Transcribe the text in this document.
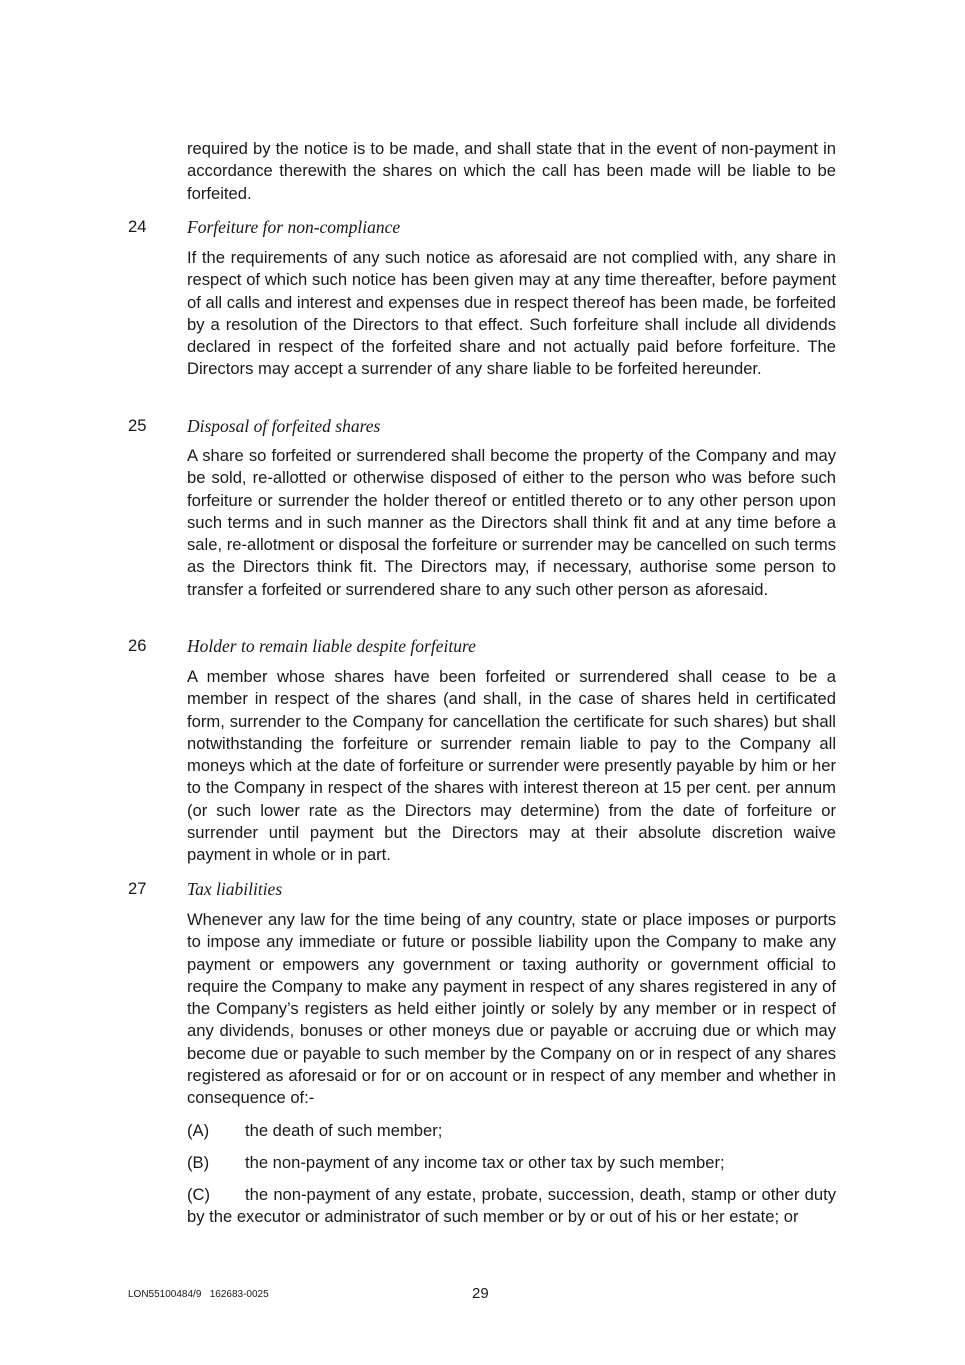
required by the notice is to be made, and shall state that in the event of non-payment in accordance therewith the shares on which the call has been made will be liable to be forfeited.

24 Forfeiture for non-compliance

If the requirements of any such notice as aforesaid are not complied with, any share in respect of which such notice has been given may at any time thereafter, before payment of all calls and interest and expenses due in respect thereof has been made, be forfeited by a resolution of the Directors to that effect. Such forfeiture shall include all dividends declared in respect of the forfeited share and not actually paid before forfeiture. The Directors may accept a surrender of any share liable to be forfeited hereunder.

25 Disposal of forfeited shares

A share so forfeited or surrendered shall become the property of the Company and may be sold, re-allotted or otherwise disposed of either to the person who was before such forfeiture or surrender the holder thereof or entitled thereto or to any other person upon such terms and in such manner as the Directors shall think fit and at any time before a sale, re-allotment or disposal the forfeiture or surrender may be cancelled on such terms as the Directors think fit. The Directors may, if necessary, authorise some person to transfer a forfeited or surrendered share to any such other person as aforesaid.

26 Holder to remain liable despite forfeiture

A member whose shares have been forfeited or surrendered shall cease to be a member in respect of the shares (and shall, in the case of shares held in certificated form, surrender to the Company for cancellation the certificate for such shares) but shall notwithstanding the forfeiture or surrender remain liable to pay to the Company all moneys which at the date of forfeiture or surrender were presently payable by him or her to the Company in respect of the shares with interest thereon at 15 per cent. per annum (or such lower rate as the Directors may determine) from the date of forfeiture or surrender until payment but the Directors may at their absolute discretion waive payment in whole or in part.

27 Tax liabilities

Whenever any law for the time being of any country, state or place imposes or purports to impose any immediate or future or possible liability upon the Company to make any payment or empowers any government or taxing authority or government official to require the Company to make any payment in respect of any shares registered in any of the Company’s registers as held either jointly or solely by any member or in respect of any dividends, bonuses or other moneys due or payable or accruing due or which may become due or payable to such member by the Company on or in respect of any shares registered as aforesaid or for or on account or in respect of any member and whether in consequence of:-

(A) the death of such member;

(B) the non-payment of any income tax or other tax by such member;

(C) the non-payment of any estate, probate, succession, death, stamp or other duty by the executor or administrator of such member or by or out of his or her estate; or

LON55100484/9   162683-0025	29
